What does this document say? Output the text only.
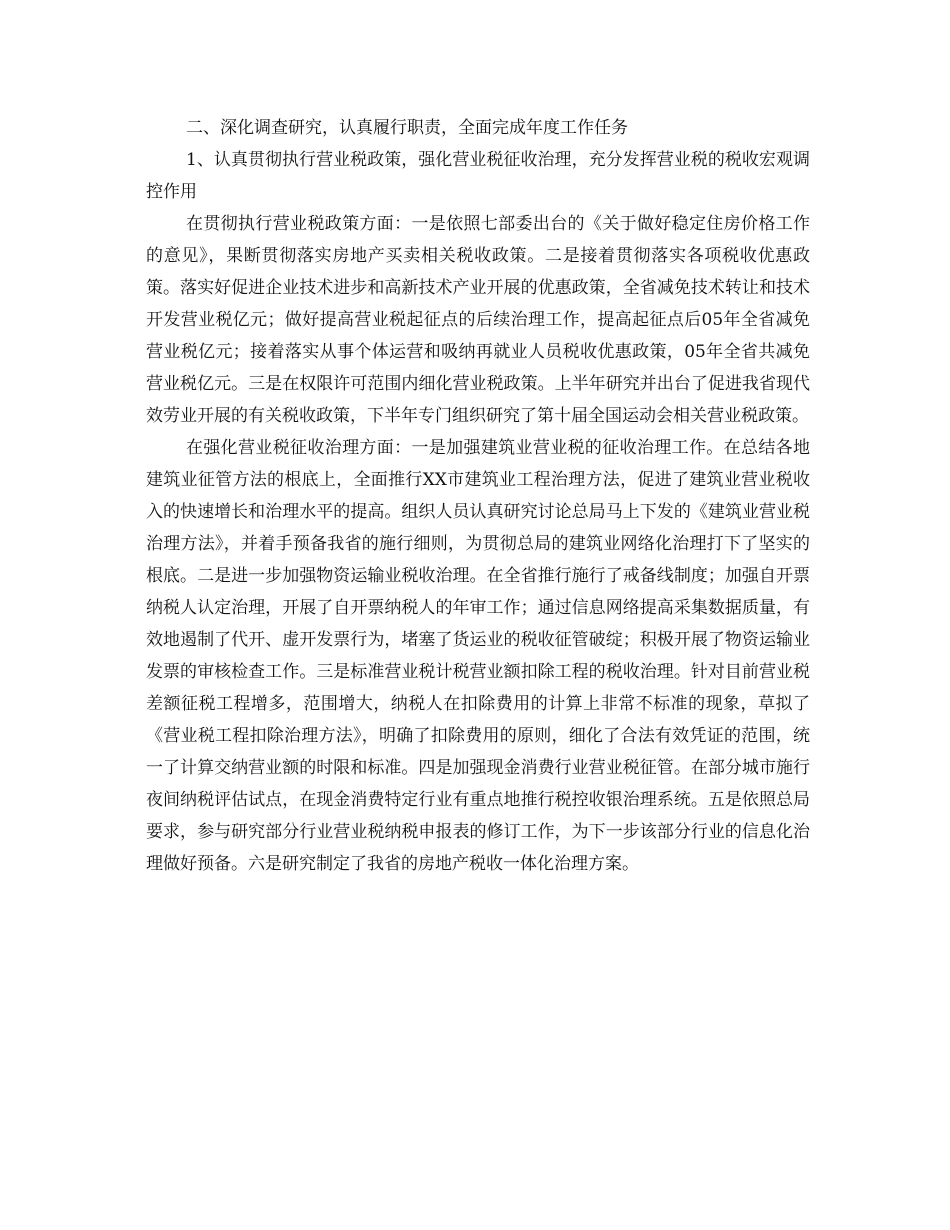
二、深化调查研究，认真履行职责，全面完成年度工作任务

1、认真贯彻执行营业税政策，强化营业税征收治理，充分发挥营业税的税收宏观调控作用

在贯彻执行营业税政策方面：一是依照七部委出台的《关于做好稳定住房价格工作的意见》，果断贯彻落实房地产买卖相关税收政策。二是接着贯彻落实各项税收优惠政策。落实好促进企业技术进步和高新技术产业开展的优惠政策，全省减免技术转让和技术开发营业税亿元；做好提高营业税起征点的后续治理工作，提高起征点后05年全省减免营业税亿元；接着落实从事个体运营和吸纳再就业人员税收优惠政策，05年全省共减免营业税亿元。三是在权限许可范围内细化营业税政策。上半年研究并出台了促进我省现代效劳业开展的有关税收政策，下半年专门组织研究了第十届全国运动会相关营业税政策。

在强化营业税征收治理方面：一是加强建筑业营业税的征收治理工作。在总结各地建筑业征管方法的根底上，全面推行XX市建筑业工程治理方法，促进了建筑业营业税收入的快速增长和治理水平的提高。组织人员认真研究讨论总局马上下发的《建筑业营业税治理方法》，并着手预备我省的施行细则，为贯彻总局的建筑业网络化治理打下了坚实的根底。二是进一步加强物资运输业税收治理。在全省推行施行了戒备线制度；加强自开票纳税人认定治理，开展了自开票纳税人的年审工作；通过信息网络提高采集数据质量，有效地遏制了代开、虚开发票行为，堵塞了货运业的税收征管破绽；积极开展了物资运输业发票的审核检查工作。三是标准营业税计税营业额扣除工程的税收治理。针对目前营业税差额征税工程增多，范围增大，纳税人在扣除费用的计算上非常不标准的现象，草拟了《营业税工程扣除治理方法》，明确了扣除费用的原则，细化了合法有效凭证的范围，统一了计算交纳营业额的时限和标准。四是加强现金消费行业营业税征管。在部分城市施行夜间纳税评估试点，在现金消费特定行业有重点地推行税控收银治理系统。五是依照总局要求，参与研究部分行业营业税纳税申报表的修订工作，为下一步该部分行业的信息化治理做好预备。六是研究制定了我省的房地产税收一体化治理方案。
